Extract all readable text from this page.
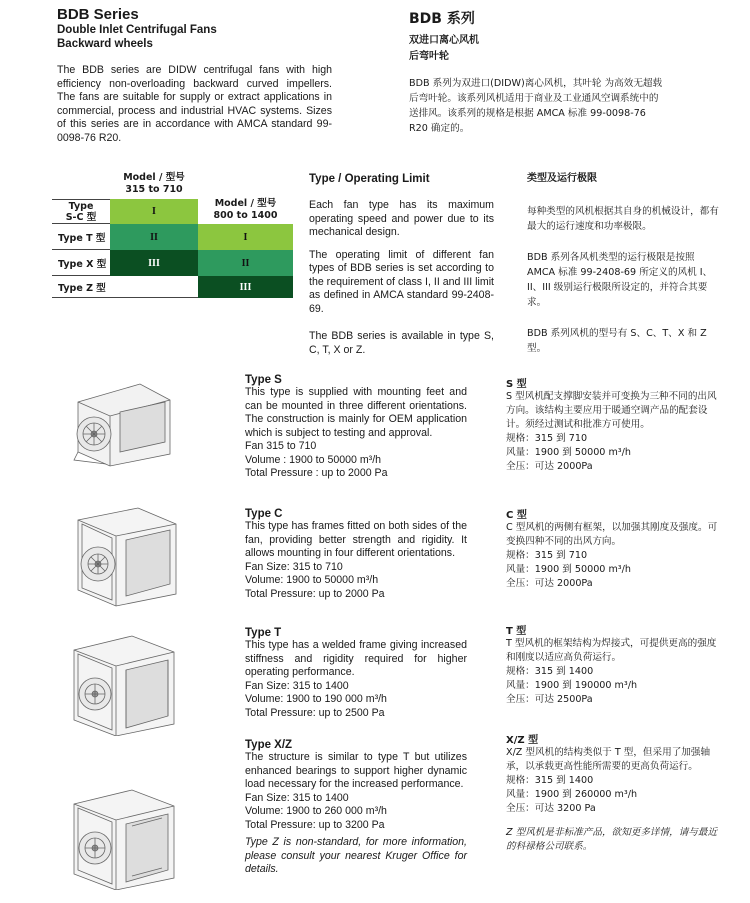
BDB Series
Double Inlet Centrifugal Fans
Backward wheels

The BDB series are DIDW centrifugal fans with high efficiency non-overloading backward curved impellers. The fans are suitable for supply or extract applications in commercial, process and industrial HVAC systems. Sizes of this series are in accordance with AMCA standard 99-0098-76 R20.

BDB 系列
双进口离心风机
后弯叶轮

BDB 系列为双进口(DIDW)离心风机，其叶轮 为高效无超载后弯叶轮。该系列风机适用于商业及工业通风空调系统中的送排风。该系列的规格是根据 AMCA 标准 99-0098-76 R20 确定的。

Model / 型号
315 to 710
Model / 型号
800 to 1400
Type
S-C 型
Type T 型
Type X 型
Type Z 型
I
II
III
I
II
III
Type / Operating Limit

Each fan type has its maximum operating speed and power due to its mechanical design.

The operating limit of different fan types of BDB series is set according to the requirement of class I, II and III limit as defined in AMCA standard 99-2408-69.

The BDB series is available in type S, C, T, X or Z.

类型及运行极限

每种类型的风机根据其自身的机械设计，都有最大的运行速度和功率极限。

BDB 系列各风机类型的运行极限是按照 AMCA 标准 99-2408-69 所定义的风机 I、II、III 级别运行极限所设定的，并符合其要求。

BDB 系列风机的型号有 S、C、T、X 和 Z 型。

Type S

This type is supplied with mounting feet and can be mounted in three different orientations. The construction is mainly for OEM application which is subject to testing and approval.

Fan 315 to 710

Volume : 1900 to 50000 m³/h

Total Pressure : up to 2000 Pa

Type C

This type has frames fitted on both sides of the fan, providing better strength and rigidity. It allows mounting in four different orientations.

Fan Size: 315 to 710

Volume: 1900 to 50000 m³/h

Total Pressure: up to 2000 Pa

Type T

This type has a welded frame giving increased stiffness and rigidity required for higher operating performance.

Fan Size: 315 to 1400

Volume: 1900 to 190 000 m³/h

Total Pressure: up to 2500 Pa

Type X/Z

The structure is similar to type T but utilizes enhanced bearings to support higher dynamic load necessary for the increased performance.

Fan Size: 315 to 1400

Volume: 1900 to 260 000 m³/h

Total Pressure: up to 3200 Pa

Type Z is non-standard, for more information, please consult your nearest Kruger Office for details.

S 型

S 型风机配支撑脚安装并可变换为三种不同的出风方向。该结构主要应用于暖通空调产品的配套设计。须经过测试和批准方可使用。

规格：315 到 710

风量：1900 到 50000 m³/h

全压：可达 2000Pa

C 型

C 型风机的两侧有框架，以加强其刚度及强度。可变换四种不同的出风方向。

规格：315 到 710

风量：1900 到 50000 m³/h

全压：可达 2000Pa

T 型

T 型风机的框架结构为焊接式，可提供更高的强度和刚度以适应高负荷运行。

规格：315 到 1400

风量：1900 到 190000 m³/h

全压：可达 2500Pa

X/Z 型

X/Z 型风机的结构类似于 T 型，但采用了加强轴承，以承载更高性能所需要的更高负荷运行。

规格：315 到 1400

风量：1900 到 260000 m³/h

全压：可达 3200 Pa

Z 型风机是非标准产品，欲知更多详情，请与最近的科禄格公司联系。
